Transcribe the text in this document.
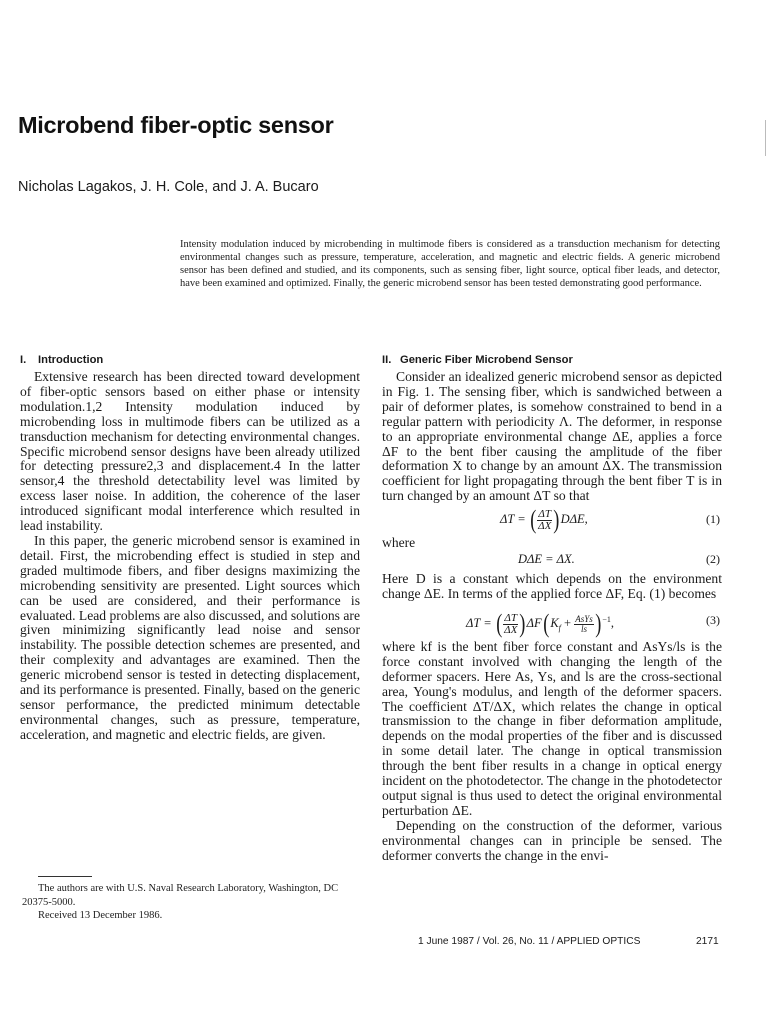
Microbend fiber-optic sensor
Nicholas Lagakos, J. H. Cole, and J. A. Bucaro
Intensity modulation induced by microbending in multimode fibers is considered as a transduction mechanism for detecting environmental changes such as pressure, temperature, acceleration, and magnetic and electric fields. A generic microbend sensor has been defined and studied, and its components, such as sensing fiber, light source, optical fiber leads, and detector, have been examined and optimized. Finally, the generic microbend sensor has been tested demonstrating good performance.
I. Introduction

Extensive research has been directed toward development of fiber-optic sensors based on either phase or intensity modulation.1,2 Intensity modulation induced by microbending loss in multimode fibers can be utilized as a transduction mechanism for detecting environmental changes. Specific microbend sensor designs have been already utilized for detecting pressure2,3 and displacement.4 In the latter sensor,4 the threshold detectability level was limited by excess laser noise. In addition, the coherence of the laser introduced significant modal interference which resulted in lead instability.

In this paper, the generic microbend sensor is examined in detail. First, the microbending effect is studied in step and graded multimode fibers, and fiber designs maximizing the microbending sensitivity are presented. Light sources which can be used are considered, and their performance is evaluated. Lead problems are also discussed, and solutions are given minimizing significantly lead noise and sensor instability. The possible detection schemes are presented, and their complexity and advantages are examined. Then the generic microbend sensor is tested in detecting displacement, and its performance is presented. Finally, based on the generic sensor performance, the predicted minimum detectable environmental changes, such as pressure, temperature, acceleration, and magnetic and electric fields, are given.

II. Generic Fiber Microbend Sensor

Consider an idealized generic microbend sensor as depicted in Fig. 1. The sensing fiber, which is sandwiched between a pair of deformer plates, is somehow constrained to bend in a regular pattern with periodicity Λ. The deformer, in response to an appropriate environmental change ΔE, applies a force ΔF to the bent fiber causing the amplitude of the fiber deformation X to change by an amount ΔX. The transmission coefficient for light propagating through the bent fiber T is in turn changed by an amount ΔT so that

ΔT = ( $\frac{\Delta T}{\Delta X} )D\Delta E$,	(1)

where

DΔE = ΔX.	(2)

Here D is a constant which depends on the environment change ΔE. In terms of the applied force ΔF, Eq. (1) becomes

ΔT = ( $\frac{\Delta T}{\Delta X} )\Delta F(K_f + \frac{\text{AsYs}}{ls} )^{-1}$,	(3)

where kf is the bent fiber force constant and AsYs/ls is the force constant involved with changing the length of the deformer spacers. Here As, Ys, and ls are the cross-sectional area, Young's modulus, and length of the deformer spacers. The coefficient ΔT/ΔX, which relates the change in optical transmission to the change in fiber deformation amplitude, depends on the modal properties of the fiber and is discussed in some detail later. The change in optical transmission through the bent fiber results in a change in optical energy incident on the photodetector. The change in the photodetector output signal is thus used to detect the original environmental perturbation ΔE.

Depending on the construction of the deformer, various environmental changes can in principle be sensed. The deformer converts the change in the envi-

The authors are with U.S. Naval Research Laboratory, Washington, DC 20375-5000.

Received 13 December 1986.

1 June 1987 / Vol. 26, No. 11 / APPLIED OPTICS	2171
